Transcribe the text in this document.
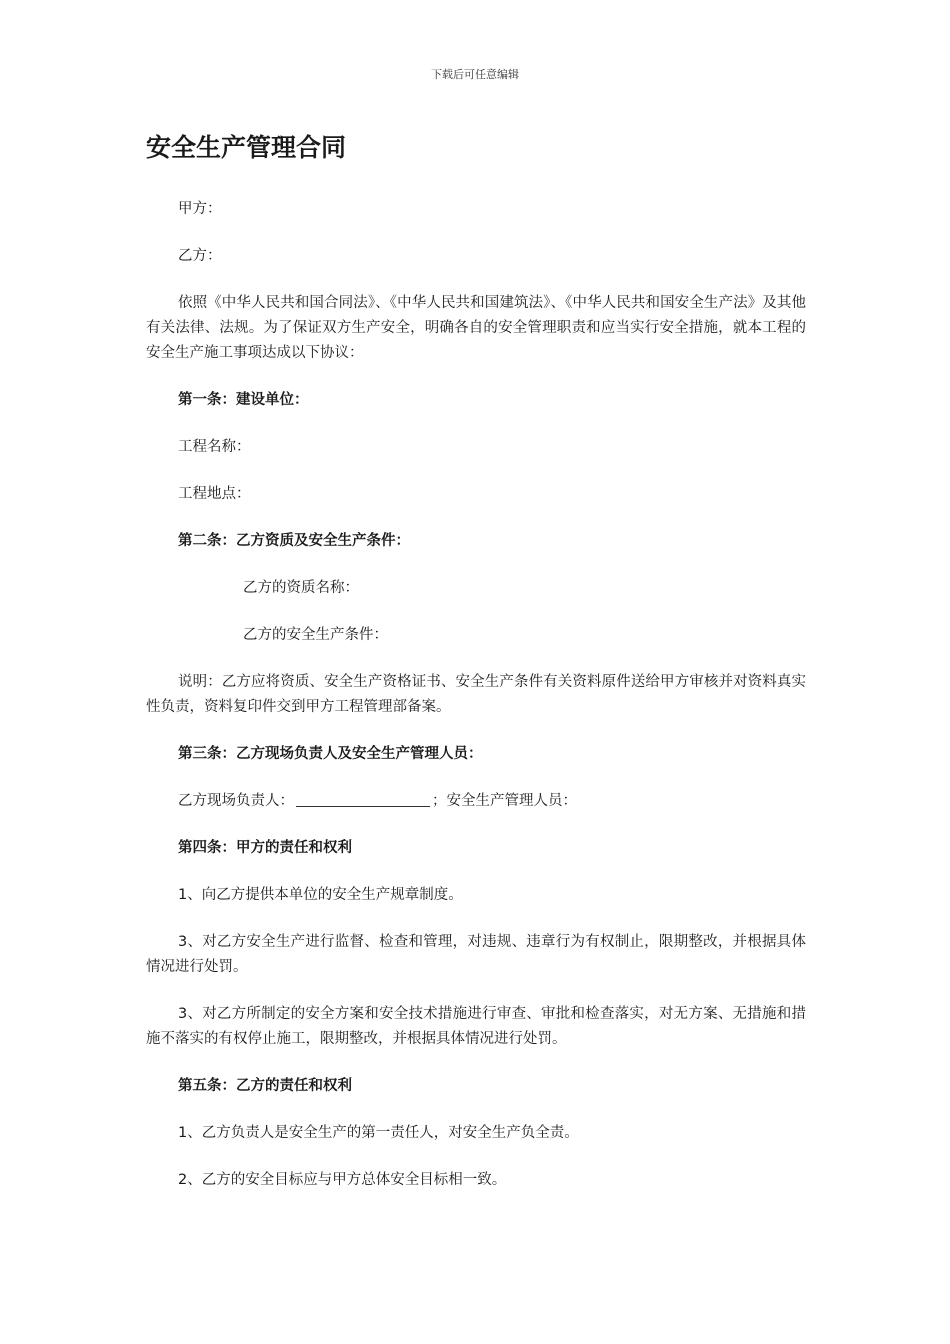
下载后可任意编辑
安全生产管理合同

甲方：

乙方：

依照《中华人民共和国合同法》、《中华人民共和国建筑法》、《中华人民共和国安全生产法》及其他有关法律、法规。为了保证双方生产安全，明确各自的安全管理职责和应当实行安全措施，就本工程的安全生产施工事项达成以下协议：

第一条：建设单位：

工程名称：

工程地点：

第二条：乙方资质及安全生产条件：

乙方的资质名称：

乙方的安全生产条件：

说明：乙方应将资质、安全生产资格证书、安全生产条件有关资料原件送给甲方审核并对资料真实性负责，资料复印件交到甲方工程管理部备案。

第三条：乙方现场负责人及安全生产管理人员：

乙方现场负责人：	；安全生产管理人员：

第四条：甲方的责任和权利

1、向乙方提供本单位的安全生产规章制度。

3、对乙方安全生产进行监督、检查和管理，对违规、违章行为有权制止，限期整改，并根据具体情况进行处罚。

3、对乙方所制定的安全方案和安全技术措施进行审查、审批和检查落实，对无方案、无措施和措施不落实的有权停止施工，限期整改，并根据具体情况进行处罚。

第五条：乙方的责任和权利

1、乙方负责人是安全生产的第一责任人，对安全生产负全责。

2、乙方的安全目标应与甲方总体安全目标相一致。
